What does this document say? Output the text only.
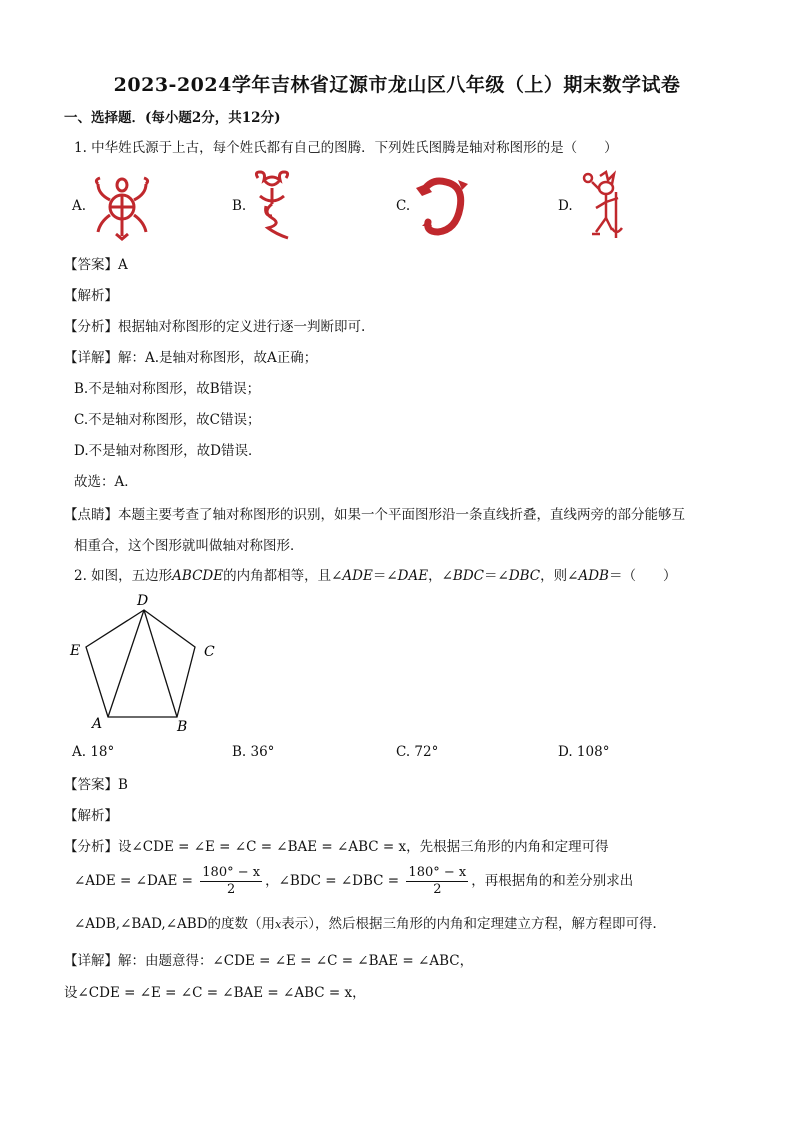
2023-2024学年吉林省辽源市龙山区八年级（上）期末数学试卷
一、选择题．(每小题2分，共12分)
1. 中华姓氏源于上古，每个姓氏都有自己的图腾．下列姓氏图腾是轴对称图形的是（　　）
A.	B.	C.	D.
【答案】A
【解析】
【分析】根据轴对称图形的定义进行逐一判断即可.
【详解】解：A.是轴对称图形，故A正确；
B.不是轴对称图形，故B错误；
C.不是轴对称图形，故C错误；
D.不是轴对称图形，故D错误．
故选：A．
【点睛】本题主要考查了轴对称图形的识别，如果一个平面图形沿一条直线折叠，直线两旁的部分能够互
相重合，这个图形就叫做轴对称图形．
2. 如图，五边形ABCDE的内角都相等，且∠ADE＝∠DAE，∠BDC＝∠DBC，则∠ADB＝（　　）
D
C
E
A	B
A. 18°	B. 36°	C. 72°	D. 108°
【答案】B
【解析】
【分析】设∠CDE = ∠E = ∠C = ∠BAE = ∠ABC = x，先根据三角形的内角和定理可得
∠ADE = ∠DAE = $\frac{180^\circ - x}{2}$ ，∠BDC = ∠DBC = $\frac{180^\circ - x}{2}$ ，再根据角的和差分别求出
∠ADB,∠BAD,∠ABD的度数（用x表示），然后根据三角形的内角和定理建立方程，解方程即可得．
【详解】解：由题意得：∠CDE = ∠E = ∠C = ∠BAE = ∠ABC，
设∠CDE = ∠E = ∠C = ∠BAE = ∠ABC = x，
